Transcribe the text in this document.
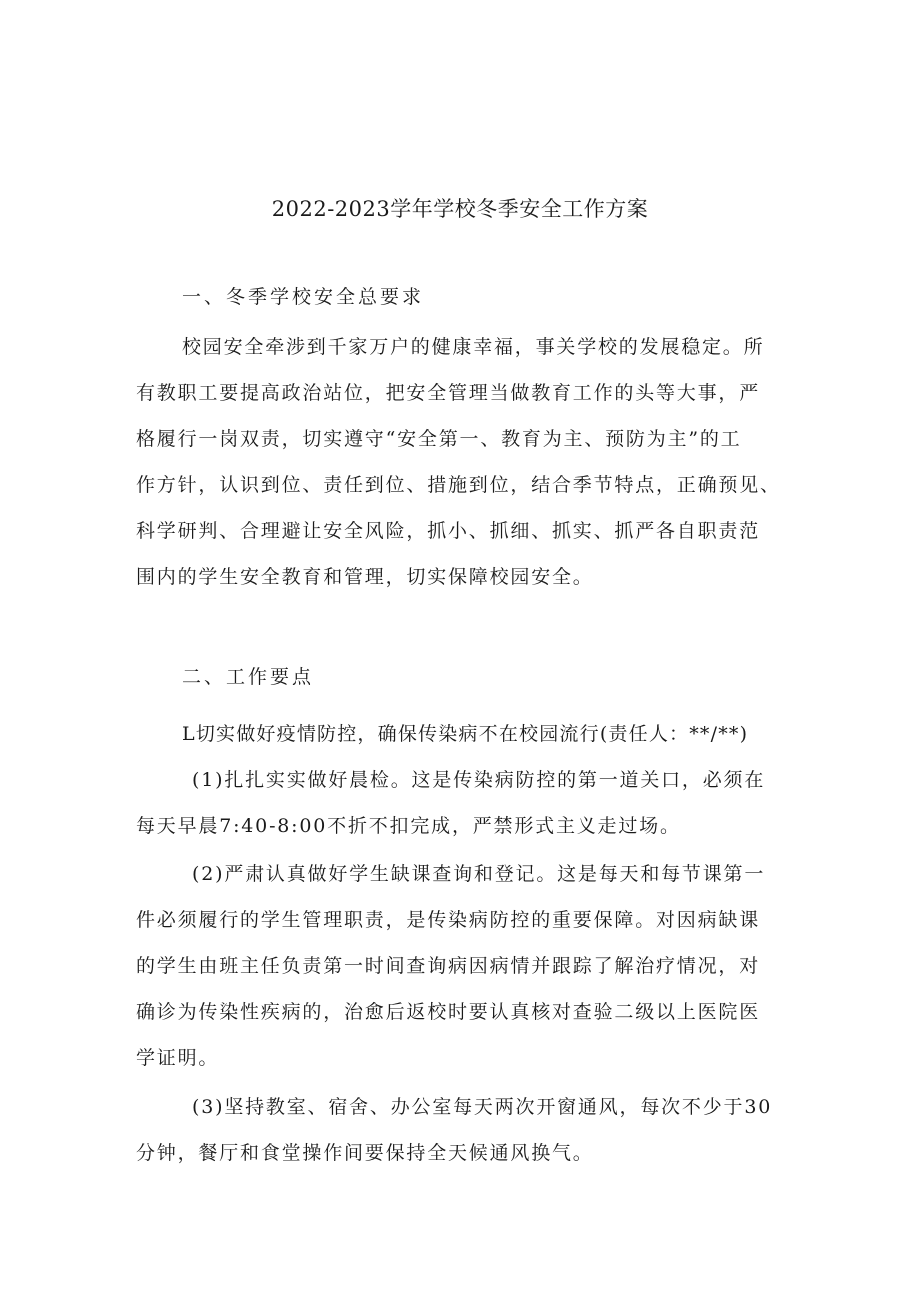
2022-2023学年学校冬季安全工作方案
一、冬季学校安全总要求
校园安全牵涉到千家万户的健康幸福，事关学校的发展稳定。所
有教职工要提高政治站位，把安全管理当做教育工作的头等大事，严
格履行一岗双责，切实遵守“安全第一、教育为主、预防为主”的工
作方针，认识到位、责任到位、措施到位，结合季节特点，正确预见、
科学研判、合理避让安全风险，抓小、抓细、抓实、抓严各自职责范
围内的学生安全教育和管理，切实保障校园安全。
二、工作要点
L切实做好疫情防控，确保传染病不在校园流行(责任人：**/**)
(1)扎扎实实做好晨检。这是传染病防控的第一道关口，必须在
每天早晨7:40-8:00不折不扣完成，严禁形式主义走过场。
(2)严肃认真做好学生缺课查询和登记。这是每天和每节课第一
件必须履行的学生管理职责，是传染病防控的重要保障。对因病缺课
的学生由班主任负责第一时间查询病因病情并跟踪了解治疗情况，对
确诊为传染性疾病的，治愈后返校时要认真核对查验二级以上医院医
学证明。
(3)坚持教室、宿舍、办公室每天两次开窗通风，每次不少于30
分钟，餐厅和食堂操作间要保持全天候通风换气。
